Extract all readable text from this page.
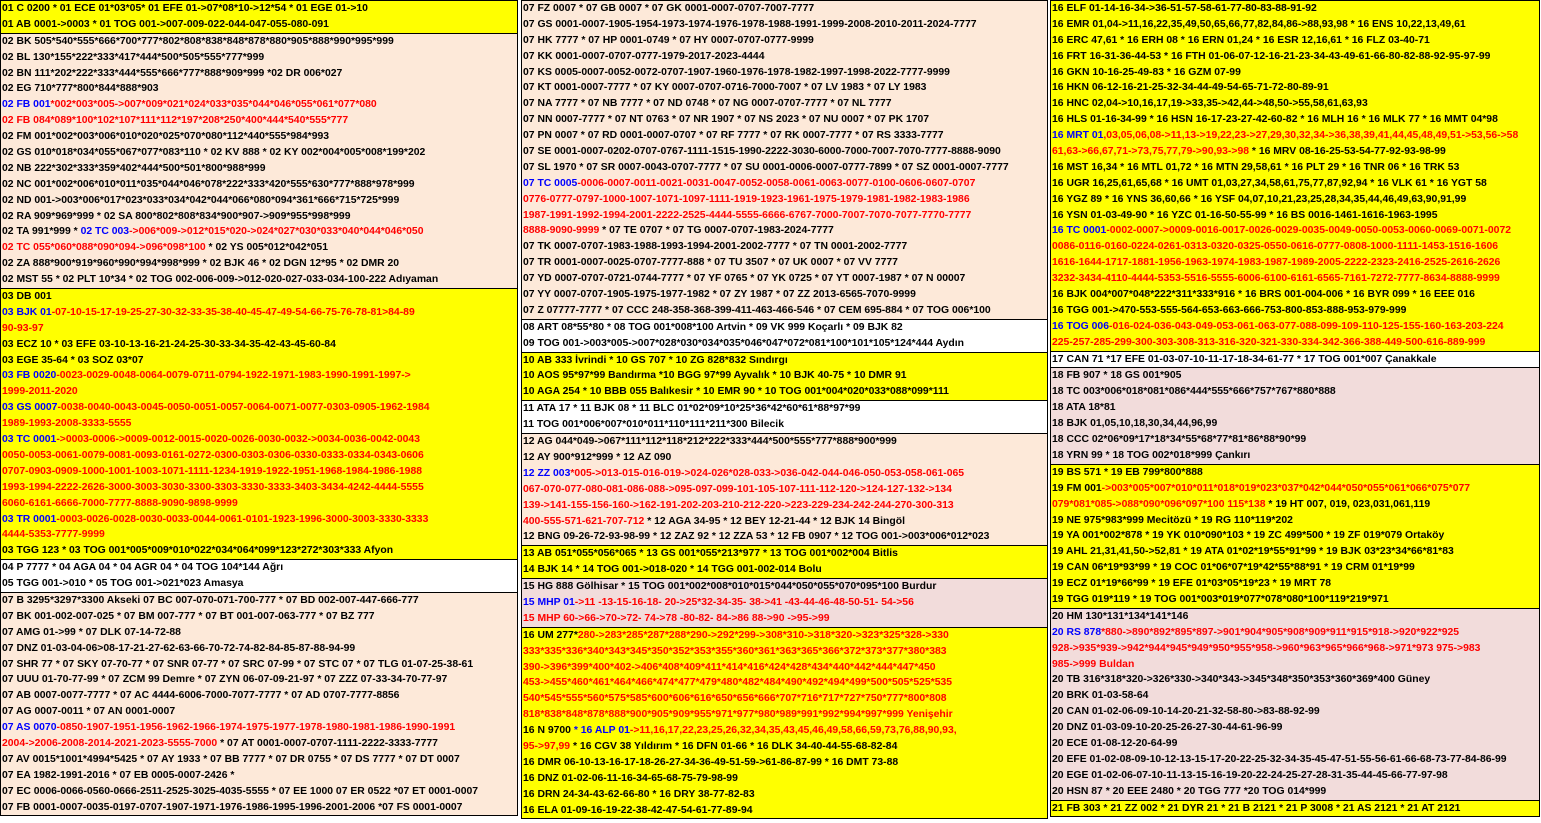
01 C 0200 * 01 ECE 01*03*05* 01 EFE 01->07*08*10->12*54 * 01 EGE 01->10
01 AB 0001->0003 * 01 TOG 001->007-009-022-044-047-055-080-091
02 BK 505*540*555*666*700*777*802*808*838*848*878*880*905*888*990*995*999
02 BL 130*155*222*333*417*444*500*505*555*777*999
02 BN 111*202*222*333*444*555*666*777*888*909*999 *02 DR 006*027
02 EG 710*777*800*844*888*903
02 FB 001*002*003*005->007*009*021*024*033*035*044*046*055*061*077*080
02 FB 084*089*100*102*107*111*112*197*208*250*400*444*540*555*777
02 FM 001*002*003*006*010*020*025*070*080*112*440*555*984*993
02 GS 010*018*034*055*067*077*083*110 * 02 KV 888 * 02 KY 002*004*005*008*199*202
02 NB 222*302*333*359*402*444*500*501*800*988*999
02 NC 001*002*006*010*011*035*044*046*078*222*333*420*555*630*777*888*978*999
02 ND 001->003*006*017*023*033*034*042*044*066*080*094*361*666*715*725*999
02 RA 909*969*999 * 02 SA 800*802*808*834*900*907->909*955*998*999
02 TA 991*999 * 02 TC 003->006*009->012*015*020->024*027*030*033*040*044*046*050
02 TC 055*060*088*090*094->096*098*100 * 02 YS 005*012*042*051
02 ZA 888*900*919*960*990*994*998*999 * 02 BJK 46 * 02 DGN 12*95 * 02 DMR 20
02 MST 55 * 02 PLT 10*34 * 02 TOG 002-006-009->012-020-027-033-034-100-222 Adıyaman
03 DB 001
03 BJK 01-07-10-15-17-19-25-27-30-32-33-35-38-40-45-47-49-54-66-75-76-78-81>84-89
90-93-97
03 ECZ 10 * 03 EFE 03-10-13-16-21-24-25-30-33-34-35-42-43-45-60-84
03 EGE 35-64 * 03 SOZ 03*07
03 FB 0020-0023-0029-0048-0064-0079-0711-0794-1922-1971-1983-1990-1991-1997->
1999-2011-2020
03 GS 0007-0038-0040-0043-0045-0050-0051-0057-0064-0071-0077-0303-0905-1962-1984
1989-1993-2008-3333-5555
03 TC 0001->0003-0006->0009-0012-0015-0020-0026-0030-0032->0034-0036-0042-0043
0050-0053-0061-0079-0081-0093-0161-0272-0300-0303-0306-0330-0333-0334-0343-0606
0707-0903-0909-1000-1001-1003-1071-1111-1234-1919-1922-1951-1968-1984-1986-1988
1993-1994-2222-2626-3000-3003-3030-3300-3303-3330-3333-3403-3434-4242-4444-5555
6060-6161-6666-7000-7777-8888-9090-9898-9999
03 TR 0001-0003-0026-0028-0030-0033-0044-0061-0101-1923-1996-3000-3003-3330-3333
4444-5353-7777-9999
03 TGG 123 * 03 TOG 001*005*009*010*022*034*064*099*123*272*303*333 Afyon
04 P 7777 * 04 AGA 04 * 04 AGR 04 * 04 TOG 104*144 Ağrı
05 TGG 001->010 * 05 TOG 001->021*023 Amasya
07 B 3295*3297*3300 Akseki 07 BC 007-070-071-700-777 * 07 BD 002-007-447-666-777
07 BK 001-002-007-025 * 07 BM 007-777 * 07 BT 001-007-063-777 * 07 BZ 777
07 AMG 01->99 * 07 DLK 07-14-72-88
07 DNZ 01-03-04-06>08-17-21-27-62-63-66-70-72-74-82-84-85-87-88-94-99
07 SHR 77 * 07 SKY 07-70-77 * 07 SNR 07-77 * 07 SRC 07-99 * 07 STC 07 * 07 TLG 01-07-25-38-61
07 UUU 01-70-77-99 * 07 ZCM 99 Demre * 07 ZYN 06-07-09-21-97 * 07 ZZZ 07-33-34-70-77-97
07 AB 0007-0077-7777 * 07 AC 4444-6006-7000-7077-7777 * 07 AD 0707-7777-8856
07 AG 0007-0011 * 07 AN 0001-0007
07 AS 0070-0850-1907-1951-1956-1962-1966-1974-1975-1977-1978-1980-1981-1986-1990-1991
2004->2006-2008-2014-2021-2023-5555-7000 * 07 AT 0001-0007-0707-1111-2222-3333-7777
07 AV 0015*1001*4994*5425 * 07 AY 1933 * 07 BB 7777 * 07 DR 0755 * 07 DS 7777 * 07 DT 0007
07 EA 1982-1991-2016 * 07 EB 0005-0007-2426 *
07 EC 0006-0066-0560-0666-2511-2525-3025-4035-5555 * 07 EE 1000 07 ER 0522 *07 ET 0001-0007
07 FB 0001-0007-0035-0197-0707-1907-1971-1976-1986-1995-1996-2001-2006 *07 FS 0001-0007
07 FZ 0007 * 07 GB 0007 * 07 GK 0001-0007-0707-7007-7777
07 GS 0001-0007-1905-1954-1973-1974-1976-1978-1988-1991-1999-2008-2010-2011-2024-7777
07 HK 7777 * 07 HP 0001-0749 * 07 HY 0007-0707-0777-9999
07 KK 0001-0007-0707-0777-1979-2017-2023-4444
07 KS 0005-0007-0052-0072-0707-1907-1960-1976-1978-1982-1997-1998-2022-7777-9999
07 KT 0001-0007-7777 * 07 KY 0007-0707-0716-7000-7007 * 07 LV 1983 * 07 LY 1983
07 NA 7777 * 07 NB 7777 * 07 ND 0748 * 07 NG 0007-0707-7777 * 07 NL 7777
07 NN 0007-7777 * 07 NT 0763 * 07 NR 1907 * 07 NS 2023 * 07 NU 0007 * 07 PK 1707
07 PN 0007 * 07 RD 0001-0007-0707 * 07 RF 7777 * 07 RK 0007-7777 * 07 RS 3333-7777
07 SE 0001-0007-0202-0707-0767-1111-1515-1990-2222-3030-6000-7000-7007-7070-7777-8888-9090
07 SL 1970 * 07 SR 0007-0043-0707-7777 * 07 SU 0001-0006-0007-0777-7899 * 07 SZ 0001-0007-7777
07 TC 0005-0006-0007-0011-0021-0031-0047-0052-0058-0061-0063-0077-0100-0606-0607-0707
0776-0777-0797-1000-1007-1071-1097-1111-1919-1923-1961-1975-1979-1981-1982-1983-1986
1987-1991-1992-1994-2001-2222-2525-4444-5555-6666-6767-7000-7007-7070-7077-7770-7777
8888-9090-9999 * 07 TE 0707 * 07 TG 0007-0707-1983-2024-7777
07 TK 0007-0707-1983-1988-1993-1994-2001-2002-7777 * 07 TN 0001-2002-7777
07 TR 0001-0007-0025-0707-7777-888 * 07 TU 3507 * 07 UK 0007 * 07 VV 7777
07 YD 0007-0707-0721-0744-7777 * 07 YF 0765 * 07 YK 0725 * 07 YT 0007-1987 * 07 N 00007
07 YY 0007-0707-1905-1975-1977-1982 * 07 ZY 1987 * 07 ZZ 2013-6565-7070-9999
07 Z 07777-7777 * 07 CCC 248-358-368-399-411-463-466-546 * 07 CEM 695-884 * 07 TOG 006*100
08 ART 08*55*80 * 08 TOG 001*008*100 Artvin * 09 VK 999 Koçarlı * 09 BJK 82
09 TOG 001->003*005->007*028*030*034*035*046*047*072*081*100*101*105*124*444 Aydın
10 AB 333 İvrindi * 10 GS 707 * 10 ZG 828*832 Sındırgı
10 AOS 95*97*99 Bandırma *10 BGG 97*99 Ayvalık * 10 BJK 40-75 * 10 DMR 91
10 AGA 254 * 10 BBB 055 Balıkesir * 10 EMR 90 * 10 TOG 001*004*020*033*088*099*111
11 ATA 17 * 11 BJK 08 * 11 BLC 01*02*09*10*25*36*42*60*61*88*97*99
11 TOG 001*006*007*010*011*110*111*211*300 Bilecik
12 AG 044*049->067*111*112*118*212*222*333*444*500*555*777*888*900*999
12 AY 900*912*999 * 12 AZ 090
12 ZZ 003*005->013-015-016-019->024-026*028-033->036-042-044-046-050-053-058-061-065
067-070-077-080-081-086-088->095-097-099-101-105-107-111-112-120->124-127-132->134
139->141-155-156-160->162-191-202-203-210-212-220->223-229-234-242-244-270-300-313
400-555-571-621-707-712 * 12 AGA 34-95 * 12 BEY 12-21-44 * 12 BJK 14 Bingöl
12 BNG 09-26-72-93-98-99 * 12 ZAZ 92 * 12 ZZA 53 * 12 FB 0907 * 12 TOG 001->003*006*012*023
13 AB 051*055*056*065 * 13 GS 001*055*213*977 * 13 TOG 001*002*004 Bitlis
14 BJK 14 * 14 TOG 001->018-020 * 14 TGG 001-002-014 Bolu
15 HG 888 Gölhisar * 15 TOG 001*002*008*010*015*044*050*055*070*095*100 Burdur
15 MHP 01->11 -13-15-16-18- 20->25*32-34-35- 38->41 -43-44-46-48-50-51- 54->56
15 MHP 60->66->70->72- 74->78 -80-82- 84->86 88->90 ->95->99
16 UM 277*280->283*285*287*288*290->292*299->308*310->318*320->323*325*328->330
333*335*336*340*343*345*350*352*353*355*360*361*363*365*366*372*373*377*380*383
390->396*399*400*402->406*408*409*411*414*416*424*428*434*440*442*444*447*450
453->455*460*461*464*466*474*477*479*480*482*484*490*492*494*499*500*505*525*535
540*545*555*560*575*585*600*606*616*650*656*666*707*716*717*727*750*777*800*808
818*838*848*878*888*900*905*909*955*971*977*980*989*991*992*994*997*999 Yenişehir
16 N 9700 * 16 ALP 01->11,16,17,22,23,25,26,32,34,35,43,45,46,49,58,66,59,73,76,88,90,93,
95->97,99 * 16 CGV 38 Yıldırım * 16 DFN 01-66 * 16 DLK 34-40-44-55-68-82-84
16 DMR 06-10-13-16-17-18-26-27-34-36-49-51-59->61-86-87-99 * 16 DMT 73-88
16 DNZ 01-02-06-11-16-34-65-68-75-79-98-99
16 DRN 24-34-43-62-66-80 * 16 DRY 38-77-82-83
16 ELA 01-09-16-19-22-38-42-47-54-61-77-89-94
16 ELF 01-14-16-34->36-51-57-58-61-77-80-83-88-91-92
16 EMR 01,04->11,16,22,35,49,50,65,66,77,82,84,86->88,93,98 * 16 ENS 10,22,13,49,61
16 ERC 47,61 * 16 ERH 08 * 16 ERN 01,24 * 16 ESR 12,16,61 * 16 FLZ 03-40-71
16 FRT 16-31-36-44-53 * 16 FTH 01-06-07-12-16-21-23-34-43-49-61-66-80-82-88-92-95-97-99
16 GKN 10-16-25-49-83 * 16 GZM 07-99
16 HKN 06-12-16-21-25-32-34-44-49-54-65-71-72-80-89-91
16 HNC 02,04->10,16,17,19->33,35->42,44->48,50->55,58,61,63,93
16 HLS 01-16-34-99 * 16 HSN 16-17-23-27-42-60-82 * 16 MLH 16 * 16 MLK 77 * 16 MMT 04*98
16 MRT 01,03,05,06,08->11,13->19,22,23->27,29,30,32,34->36,38,39,41,44,45,48,49,51->53,56->58
61,63->66,67,71->73,75,77,79->90,93->98 * 16 MRV 08-16-25-53-54-77-92-93-98-99
16 MST 16,34 * 16 MTL 01,72 * 16 MTN 29,58,61 * 16 PLT 29 * 16 TNR 06 * 16 TRK 53
16 UGR 16,25,61,65,68 * 16 UMT 01,03,27,34,58,61,75,77,87,92,94 * 16 VLK 61 * 16 YGT 58
16 YGZ 89 * 16 YNS 36,60,66 * 16 YSF 04,07,10,21,23,25,28,34,35,44,46,49,63,90,91,99
16 YSN 01-03-49-90 * 16 YZC 01-16-50-55-99 * 16 BS 0016-1461-1616-1963-1995
16 TC 0001-0002-0007->0009-0016-0017-0026-0029-0035-0049-0050-0053-0060-0069-0071-0072
0086-0116-0160-0224-0261-0313-0320-0325-0550-0616-0777-0808-1000-1111-1453-1516-1606
1616-1644-1717-1881-1956-1963-1974-1983-1987-1989-2005-2222-2323-2416-2525-2616-2626
3232-3434-4110-4444-5353-5516-5555-6006-6100-6161-6565-7161-7272-7777-8634-8888-9999
16 BJK 004*007*048*222*311*333*916 * 16 BRS 001-004-006 * 16 BYR 099 * 16 EEE 016
16 TGG 001->470-553-555-564-653-663-666-753-800-853-888-953-979-999
16 TOG 006-016-024-036-043-049-053-061-063-077-088-099-109-110-125-155-160-163-203-224
225-257-285-299-300-303-308-313-316-320-321-330-334-342-366-388-449-500-616-889-999
17 CAN 71 *17 EFE 01-03-07-10-11-17-18-34-61-77 * 17 TOG 001*007 Çanakkale
18 FB 907 * 18 GS 001*905
18 TC 003*006*018*081*086*444*555*666*757*767*880*888
18 ATA 18*81
18 BJK 01,05,10,18,30,34,44,96,99
18 CCC 02*06*09*17*18*34*55*68*77*81*86*88*90*99
18 YRN 99 * 18 TOG 002*018*999 Çankırı
19 BS 571 * 19 EB 799*800*888
19 FM 001->003*005*007*010*011*018*019*023*037*042*044*050*055*061*066*075*077
079*081*085->088*090*096*097*100 115*138 * 19 HT 007, 019, 023,031,061,119
19 NE 975*983*999 Mecitözü * 19 RG 110*119*202
19 YA 001*002*878 * 19 YK 010*090*103 * 19 ZC 499*500 * 19 ZF 019*079 Ortaköy
19 AHL 21,31,41,50->52,81 * 19 ATA 01*02*19*55*91*99 * 19 BJK 03*23*34*66*81*83
19 CAN 06*19*93*99 * 19 COC 01*06*07*19*42*55*88*91 * 19 CRM 01*19*99
19 ECZ 01*19*66*99 * 19 EFE 01*03*05*19*23 * 19 MRT 78
19 TGG 019*119 * 19 TOG 001*003*019*077*078*080*100*119*219*971
20 HM 130*131*134*141*146
20 RS 878*880->890*892*895*897->901*904*905*908*909*911*915*918->920*922*925
928->935*939->942*944*945*949*950*955*958->960*963*965*966*968->971*973 975->983
985->999 Buldan
20 TB 316*318*320->326*330->340*343->345*348*350*353*360*369*400 Güney
20 BRK 01-03-58-64
20 CAN 01-02-06-09-10-14-20-21-32-58-80->83-88-92-99
20 DNZ 01-03-09-10-20-25-26-27-30-44-61-96-99
20 ECE 01-08-12-20-64-99
20 EFE 01-02-08-09-10-12-13-15-17-20-22-25-32-34-35-45-47-51-55-56-61-66-68-73-77-84-86-99
20 EGE 01-02-06-07-10-11-13-15-16-19-20-22-24-25-27-28-31-35-44-45-66-77-97-98
20 HSN 87 * 20 EEE 2480 * 20 TGG 777 *20 TOG 014*999
21 FB 303 * 21 ZZ 002 * 21 DYR 21 * 21 B 2121 * 21 P 3008 * 21 AS 2121 * 21 AT 2121
